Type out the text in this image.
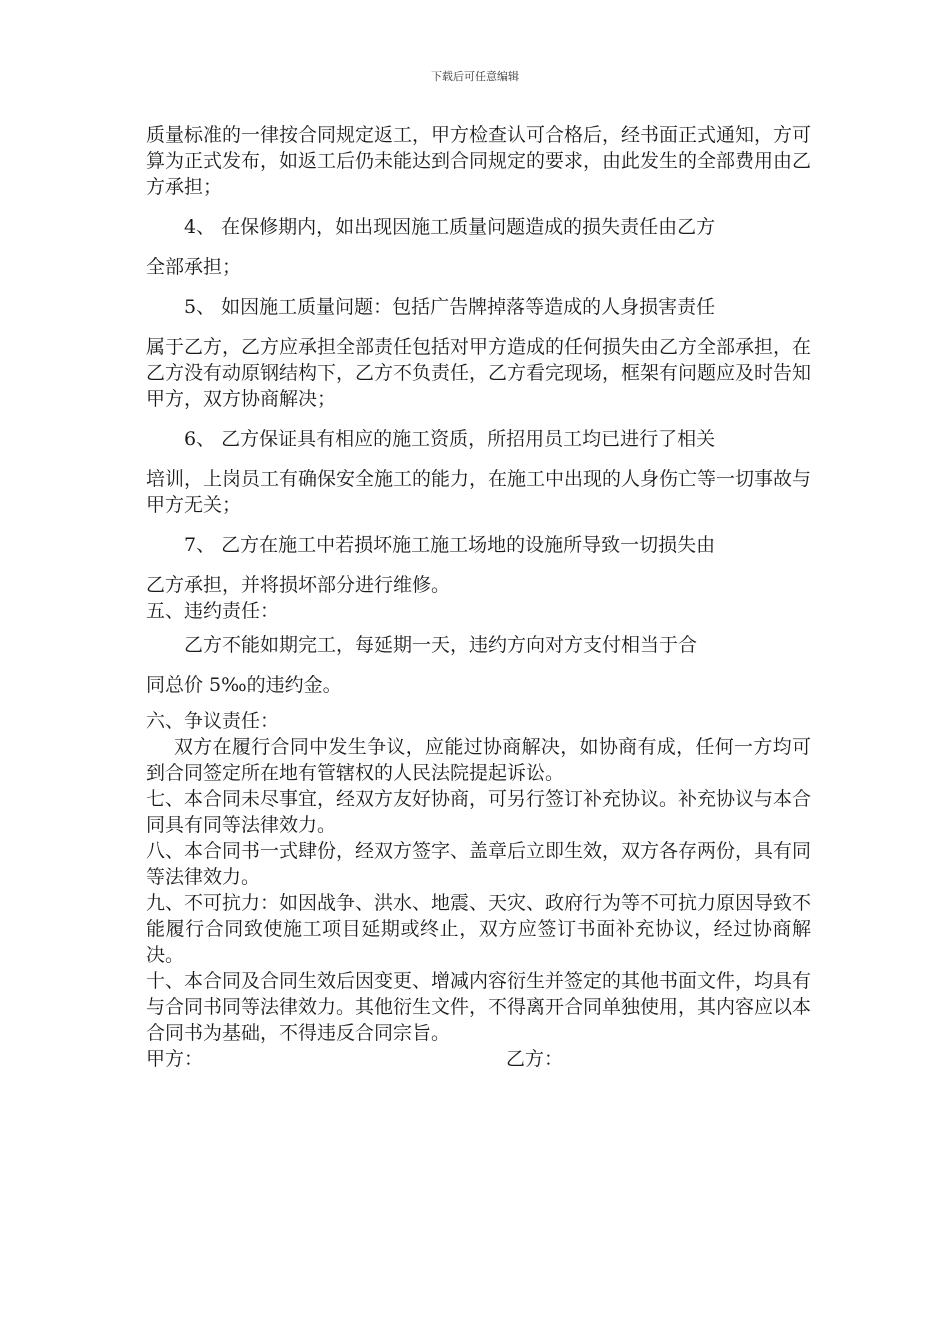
下载后可任意编辑

质量标准的一律按合同规定返工，甲方检查认可合格后，经书面正式通知，方可算为正式发布，如返工后仍未能达到合同规定的要求，由此发生的全部费用由乙方承担；

4、 在保修期内，如出现因施工质量问题造成的损失责任由乙方

全部承担；

5、 如因施工质量问题：包括广告牌掉落等造成的人身损害责任

属于乙方，乙方应承担全部责任包括对甲方造成的任何损失由乙方全部承担，在乙方没有动原钢结构下，乙方不负责任，乙方看完现场，框架有问题应及时告知甲方，双方协商解决；

6、 乙方保证具有相应的施工资质，所招用员工均已进行了相关

培训，上岗员工有确保安全施工的能力，在施工中出现的人身伤亡等一切事故与甲方无关；

7、 乙方在施工中若损坏施工施工场地的设施所导致一切损失由

乙方承担，并将损坏部分进行维修。

五、违约责任：

乙方不能如期完工，每延期一天，违约方向对方支付相当于合

同总价 5‰的违约金。

六、争议责任：

双方在履行合同中发生争议，应能过协商解决，如协商有成，任何一方均可到合同签定所在地有管辖权的人民法院提起诉讼。

七、本合同未尽事宜，经双方友好协商，可另行签订补充协议。补充协议与本合同具有同等法律效力。

八、本合同书一式肆份，经双方签字、盖章后立即生效，双方各存两份，具有同等法律效力。

九、不可抗力：如因战争、洪水、地震、天灾、政府行为等不可抗力原因导致不能履行合同致使施工项目延期或终止，双方应签订书面补充协议，经过协商解决。

十、本合同及合同生效后因变更、增减内容衍生并签定的其他书面文件，均具有与合同书同等法律效力。其他衍生文件，不得离开合同单独使用，其内容应以本合同书为基础，不得违反合同宗旨。

甲方：	乙方：
